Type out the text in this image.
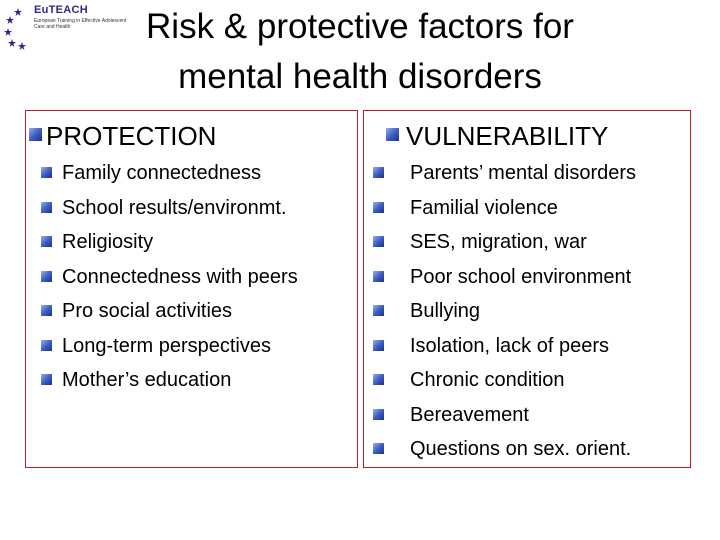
EuTEACH
European Training in Effective Adolescent
Care and Health	Risk & protective factors for
mental health disorders
PROTECTION
Family connectedness
School results/environmt.
Religiosity
Connectedness with peers
Pro social activities
Long-term perspectives
Mother’s education
VULNERABILITY
Parents’ mental disorders
Familial violence
SES, migration, war
Poor school environment
Bullying
Isolation, lack of peers
Chronic condition
Bereavement
Questions on sex. orient.
